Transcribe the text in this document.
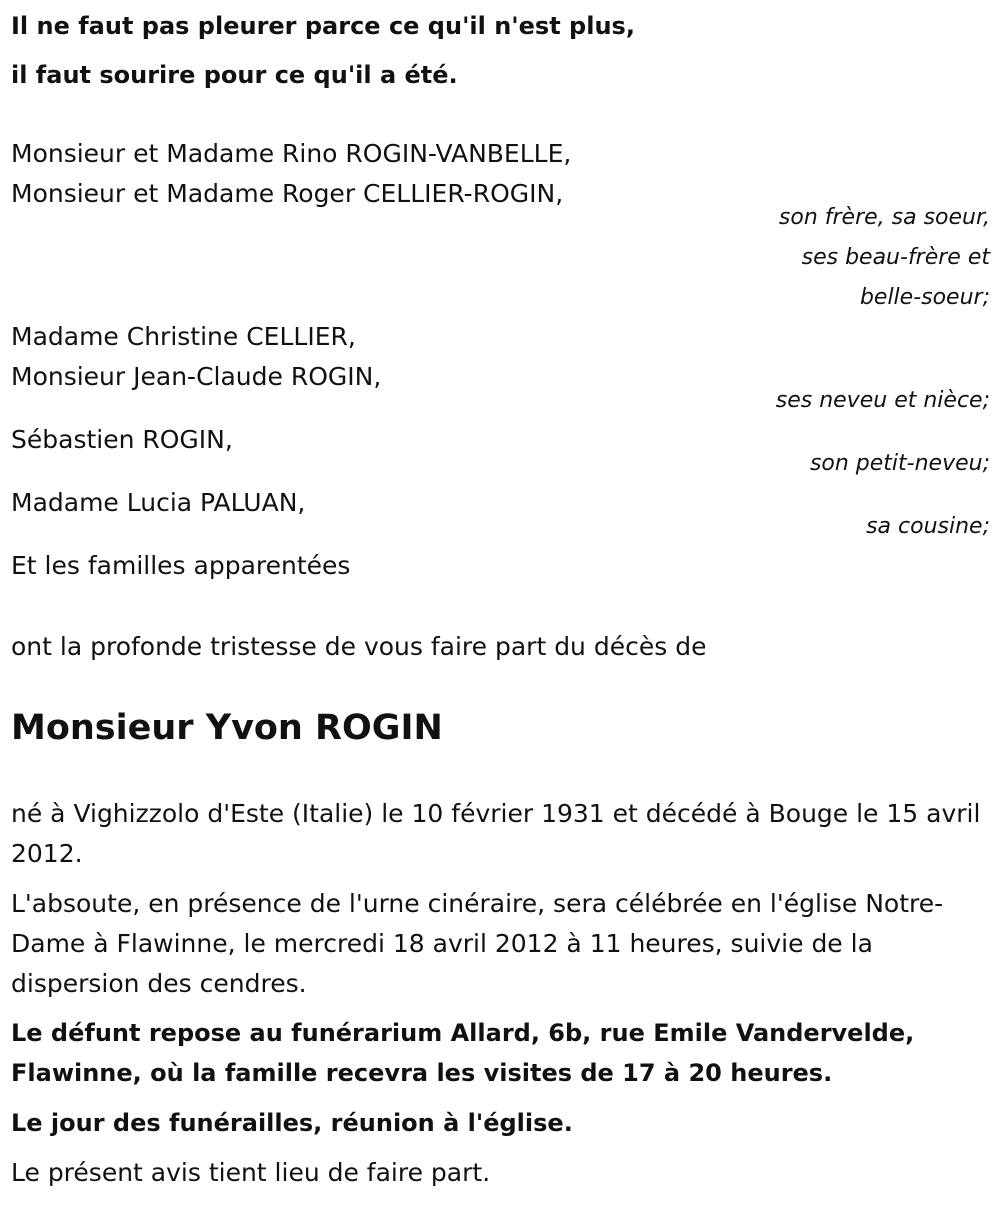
Il ne faut pas pleurer parce ce qu'il n'est plus,
il faut sourire pour ce qu'il a été.
Monsieur et Madame Rino ROGIN-VANBELLE,
Monsieur et Madame Roger CELLIER-ROGIN,
son frère, sa soeur,
ses beau-frère et
belle-soeur;
Madame Christine CELLIER,
Monsieur Jean-Claude ROGIN,
ses neveu et nièce;
Sébastien ROGIN,
son petit-neveu;
Madame Lucia PALUAN,
sa cousine;
Et les familles apparentées
ont la profonde tristesse de vous faire part du décès de
Monsieur Yvon ROGIN
né à Vighizzolo d'Este (Italie) le 10 février 1931 et décédé à Bouge le 15 avril 2012.
L'absoute, en présence de l'urne cinéraire, sera célébrée en l'église Notre-Dame à Flawinne, le mercredi 18 avril 2012 à 11 heures, suivie de la dispersion des cendres.
Le défunt repose au funérarium Allard, 6b, rue Emile Vandervelde, Flawinne, où la famille recevra les visites de 17 à 20 heures.
Le jour des funérailles, réunion à l'église.
Le présent avis tient lieu de faire part.
